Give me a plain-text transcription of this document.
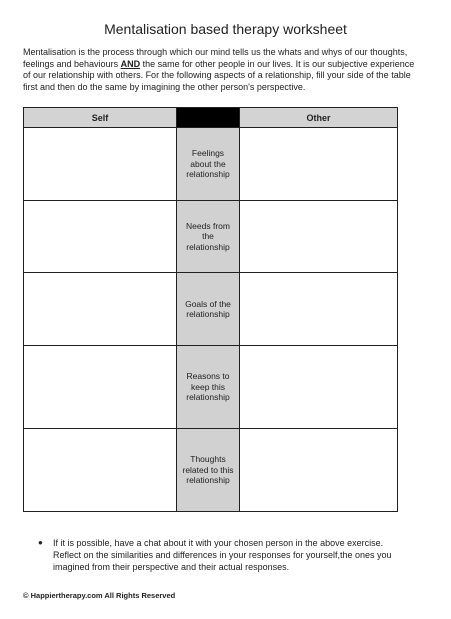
Mentalisation based therapy worksheet
Mentalisation is the process through which our mind tells us the whats and whys of our thoughts, feelings and behaviours AND the same for other people in our lives. It is our subjective experience of our relationship with others. For the following aspects of a relationship, fill your side of the table first and then do the same by imagining the other person's perspective.
Self		Other

	Feelings about the relationship	

	Needs from the relationship	

	Goals of the relationship	

	Reasons to keep this relationship	

	Thoughts related to this relationship	

● If it is possible, have a chat about it with your chosen person in the above exercise. Reflect on the similarities and differences in your responses for yourself,the ones you imagined from their perspective and their actual responses.
© Happiertherapy.com All Rights Reserved
